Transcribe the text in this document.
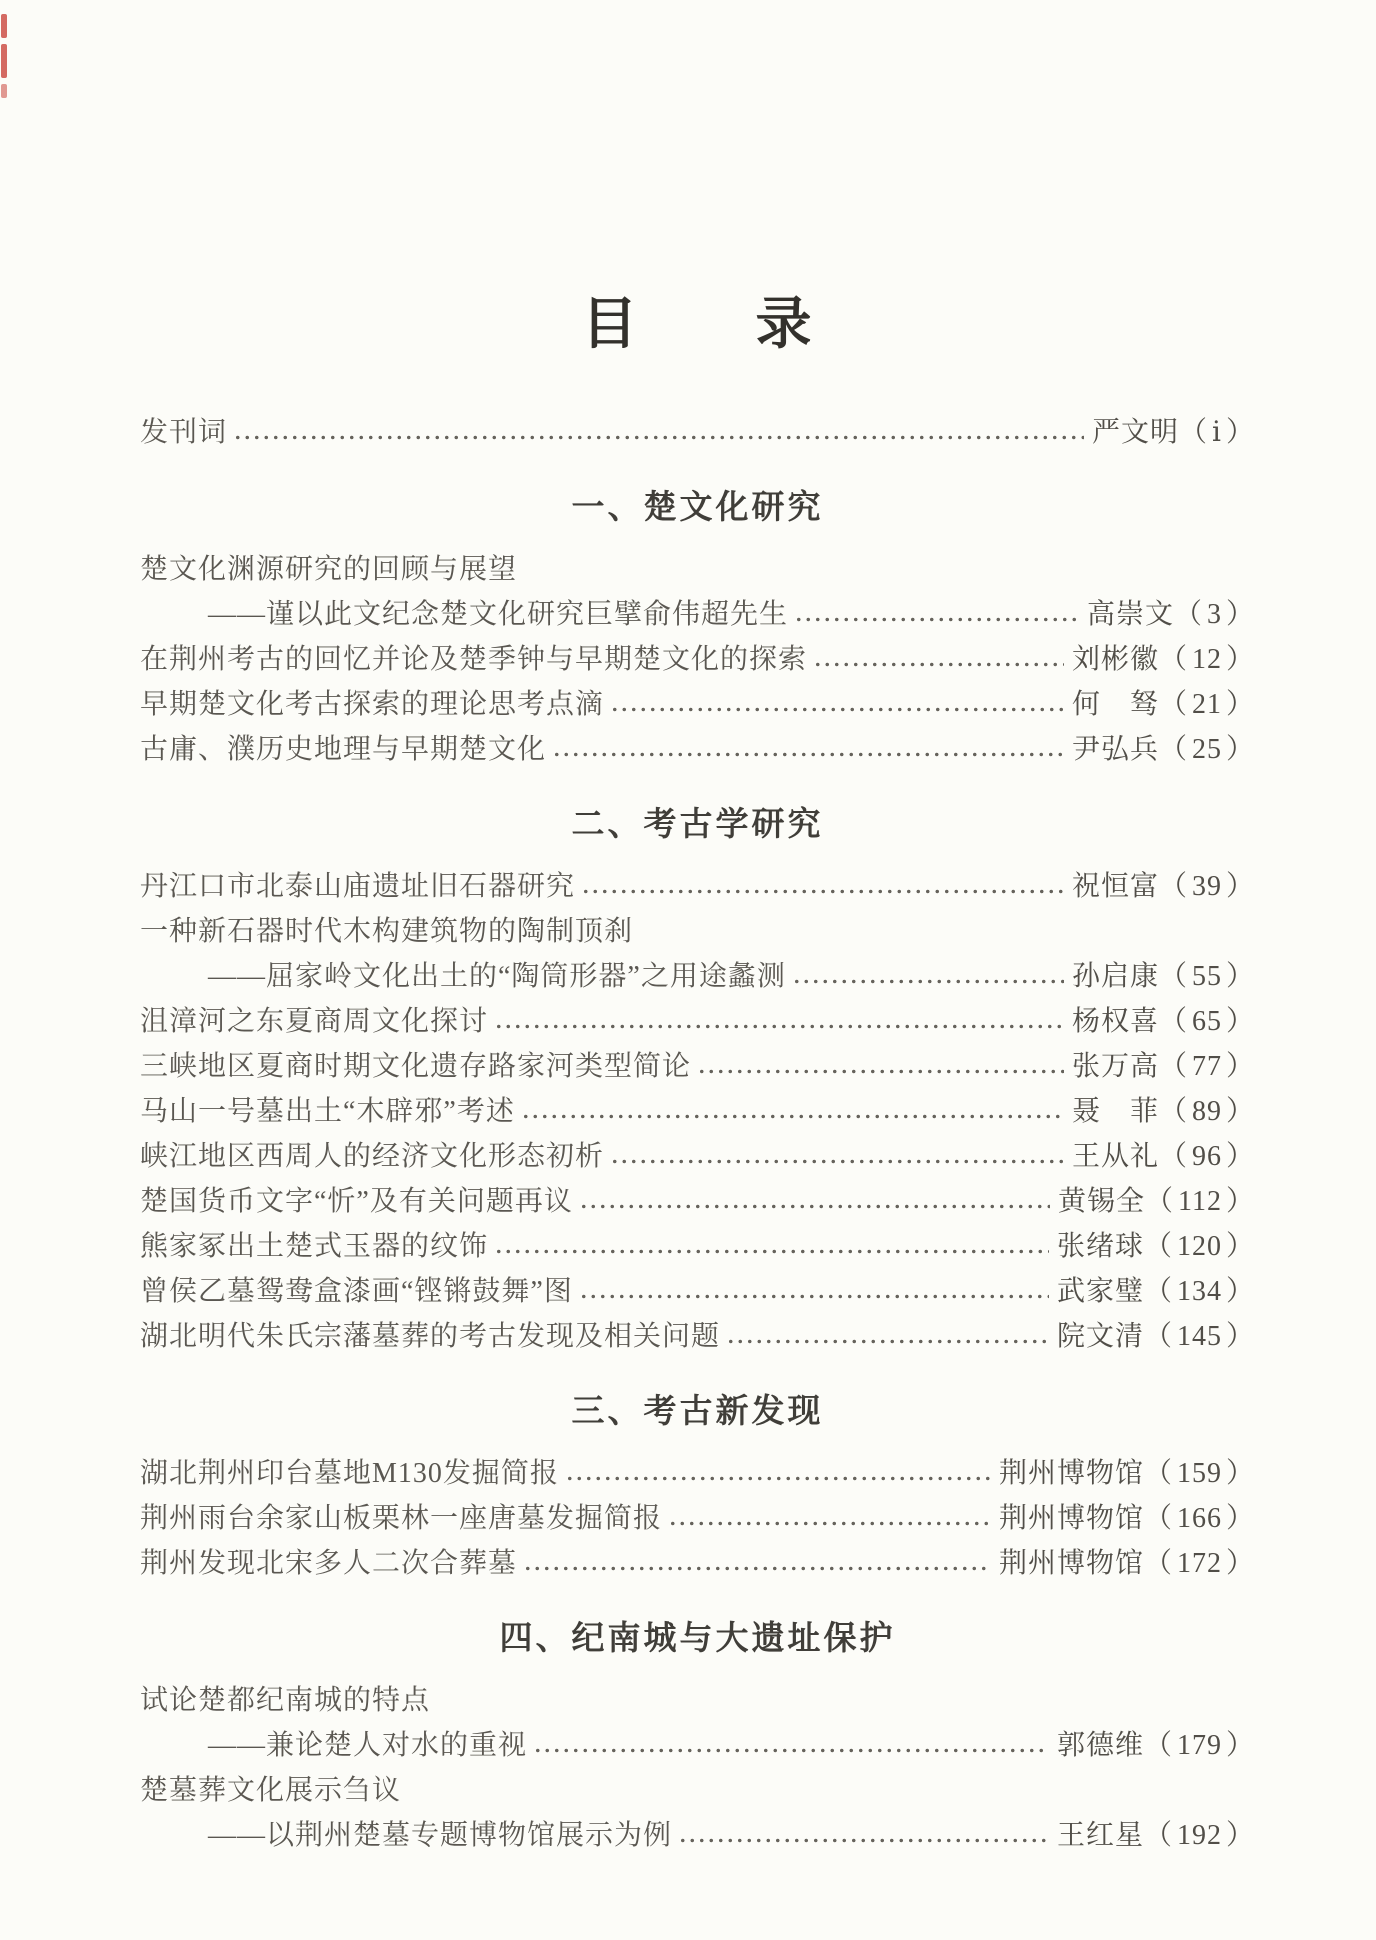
目　　录
发刊词	严文明（ ⅰ ）
一、楚文化研究
楚文化渊源研究的回顾与展望
——谨以此文纪念楚文化研究巨擘俞伟超先生	高崇文（ 3 ）
在荆州考古的回忆并论及楚季钟与早期楚文化的探索	刘彬徽（ 12 ）
早期楚文化考古探索的理论思考点滴	何　驽（ 21 ）
古庸、濮历史地理与早期楚文化	尹弘兵（ 25 ）
二、考古学研究
丹江口市北泰山庙遗址旧石器研究	祝恒富（ 39 ）
一种新石器时代木构建筑物的陶制顶刹
——屈家岭文化出土的“陶筒形器”之用途蠡测	孙启康（ 55 ）
沮漳河之东夏商周文化探讨	杨权喜（ 65 ）
三峡地区夏商时期文化遗存路家河类型简论	张万高（ 77 ）
马山一号墓出土“木辟邪”考述	聂　菲（ 89 ）
峡江地区西周人的经济文化形态初析	王从礼（ 96 ）
楚国货币文字“忻”及有关问题再议	黄锡全（ 112 ）
熊家冢出土楚式玉器的纹饰	张绪球（ 120 ）
曾侯乙墓鸳鸯盒漆画“铿锵鼓舞”图	武家璧（ 134 ）
湖北明代朱氏宗藩墓葬的考古发现及相关问题	院文清（ 145 ）
三、考古新发现
湖北荆州印台墓地M130发掘简报	荆州博物馆（ 159 ）
荆州雨台余家山板栗林一座唐墓发掘简报	荆州博物馆（ 166 ）
荆州发现北宋多人二次合葬墓	荆州博物馆（ 172 ）
四、纪南城与大遗址保护
试论楚都纪南城的特点
——兼论楚人对水的重视	郭德维（ 179 ）
楚墓葬文化展示刍议
——以荆州楚墓专题博物馆展示为例	王红星（ 192 ）
